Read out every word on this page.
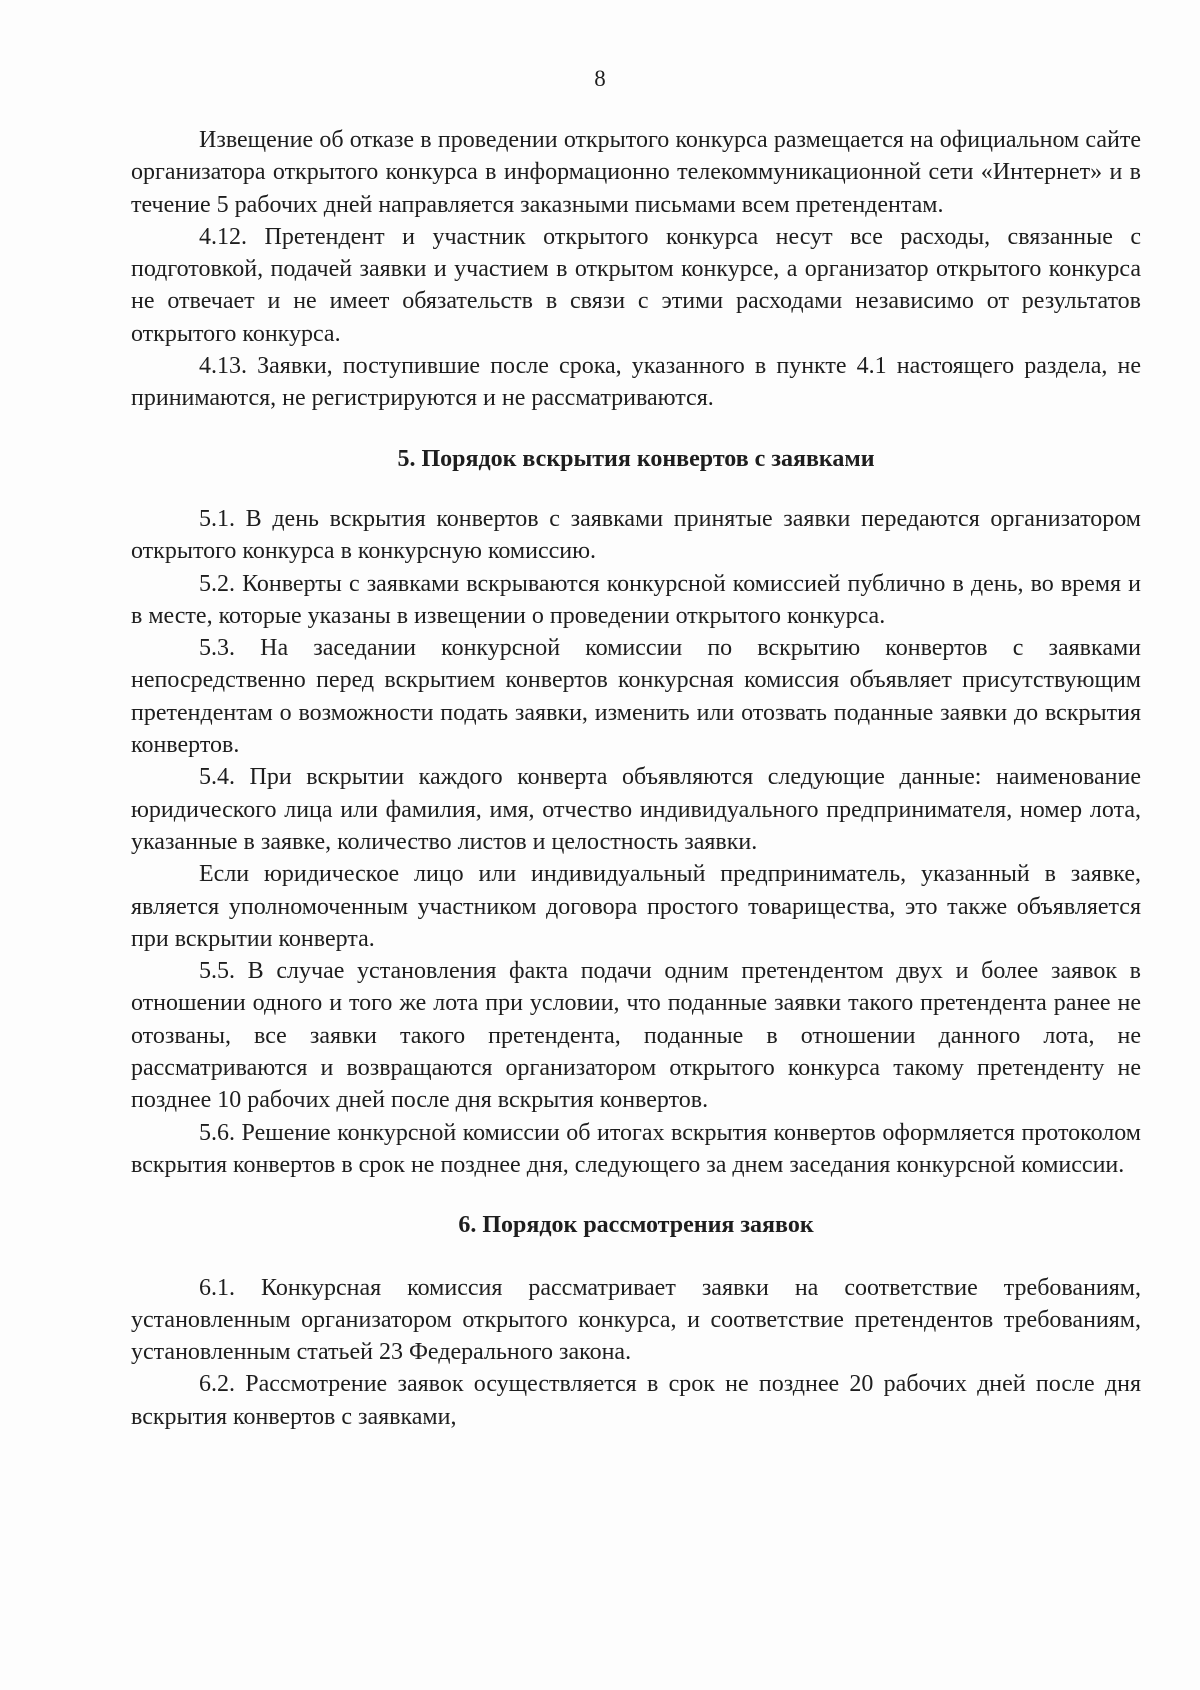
8

Извещение об отказе в проведении открытого конкурса размещается на официальном сайте организатора открытого конкурса в информационно телекоммуникационной сети «Интернет» и в течение 5 рабочих дней направляется заказными письмами всем претендентам.

4.12. Претендент и участник открытого конкурса несут все расходы, связанные с подготовкой, подачей заявки и участием в открытом конкурсе, а организатор открытого конкурса не отвечает и не имеет обязательств в связи с этими расходами независимо от результатов открытого конкурса.

4.13. Заявки, поступившие после срока, указанного в пункте 4.1 настоящего раздела, не принимаются, не регистрируются и не рассматриваются.

5. Порядок вскрытия конвертов с заявками

5.1. В день вскрытия конвертов с заявками принятые заявки передаются организатором открытого конкурса в конкурсную комиссию.

5.2. Конверты с заявками вскрываются конкурсной комиссией публично в день, во время и в месте, которые указаны в извещении о проведении открытого конкурса.

5.3. На заседании конкурсной комиссии по вскрытию конвертов с заявками непосредственно перед вскрытием конвертов конкурсная комиссия объявляет присутствующим претендентам о возможности подать заявки, изменить или отозвать поданные заявки до вскрытия конвертов.

5.4. При вскрытии каждого конверта объявляются следующие данные: наименование юридического лица или фамилия, имя, отчество индивидуального предпринимателя, номер лота, указанные в заявке, количество листов и целостность заявки.

Если юридическое лицо или индивидуальный предприниматель, указанный в заявке, является уполномоченным участником договора простого товарищества, это также объявляется при вскрытии конверта.

5.5. В случае установления факта подачи одним претендентом двух и более заявок в отношении одного и того же лота при условии, что поданные заявки такого претендента ранее не отозваны, все заявки такого претендента, поданные в отношении данного лота, не рассматриваются и возвращаются организатором открытого конкурса такому претенденту не позднее 10 рабочих дней после дня вскрытия конвертов.

5.6. Решение конкурсной комиссии об итогах вскрытия конвертов оформляется протоколом вскрытия конвертов в срок не позднее дня, следующего за днем заседания конкурсной комиссии.

6. Порядок рассмотрения заявок

6.1. Конкурсная комиссия рассматривает заявки на соответствие требованиям, установленным организатором открытого конкурса, и соответствие претендентов требованиям, установленным статьей 23 Федерального закона.

6.2. Рассмотрение заявок осуществляется в срок не позднее 20 рабочих дней после дня вскрытия конвертов с заявками,
